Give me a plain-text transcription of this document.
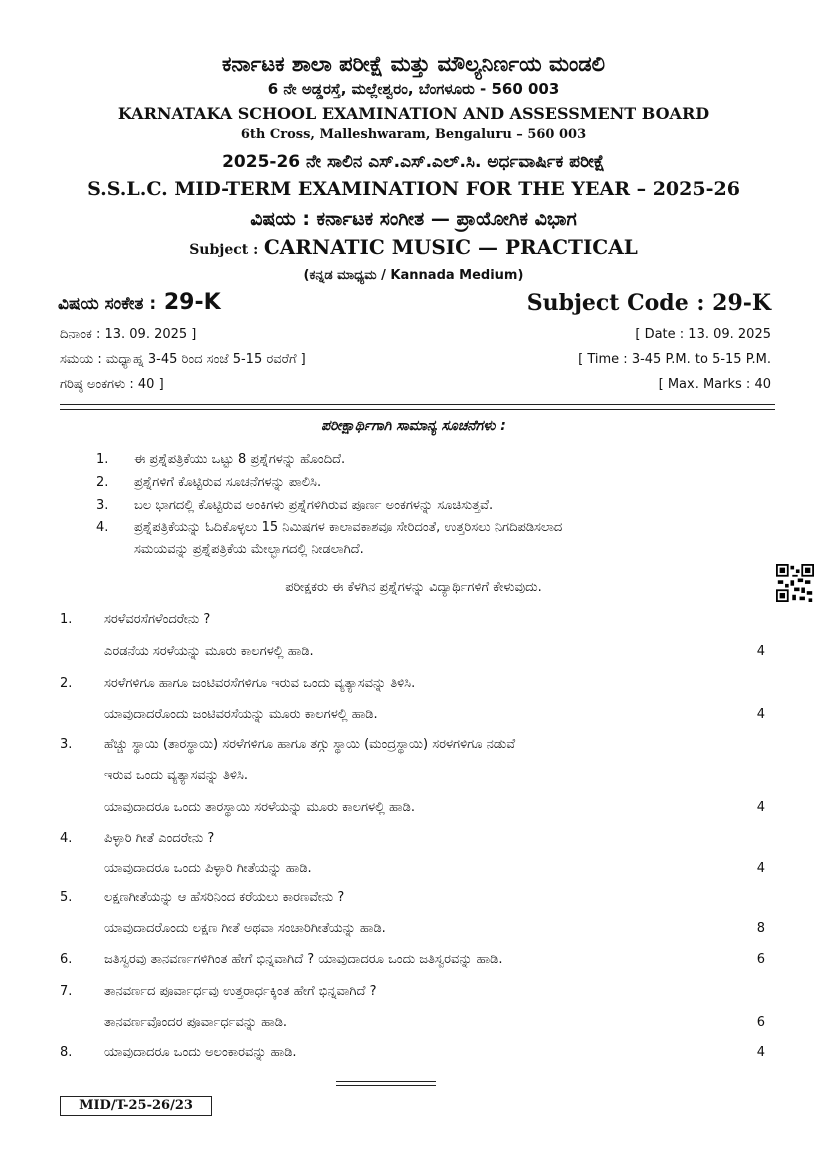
ಕರ್ನಾಟಕ ಶಾಲಾ ಪರೀಕ್ಷೆ ಮತ್ತು ಮೌಲ್ಯನಿರ್ಣಯ ಮಂಡಲಿ
6 ನೇ ಅಡ್ಡರಸ್ತೆ, ಮಲ್ಲೇಶ್ವರಂ, ಬೆಂಗಳೂರು - 560 003
KARNATAKA SCHOOL EXAMINATION AND ASSESSMENT BOARD
6th Cross, Malleshwaram, Bengaluru – 560 003
2025-26 ನೇ ಸಾಲಿನ ಎಸ್.ಎಸ್.ಎಲ್.ಸಿ. ಅರ್ಧವಾರ್ಷಿಕ ಪರೀಕ್ಷೆ
S.S.L.C. MID-TERM EXAMINATION FOR THE YEAR – 2025-26
ವಿಷಯ : ಕರ್ನಾಟಕ ಸಂಗೀತ — ಪ್ರಾಯೋಗಿಕ ವಿಭಾಗ
Subject : CARNATIC MUSIC — PRACTICAL
(ಕನ್ನಡ ಮಾಧ್ಯಮ / Kannada Medium)
ವಿಷಯ ಸಂಕೇತ : 29-K	Subject Code : 29-K
ದಿನಾಂಕ : 13. 09. 2025 ]	[ Date : 13. 09. 2025
ಸಮಯ : ಮಧ್ಯಾಹ್ನ 3-45 ರಿಂದ ಸಂಜೆ 5-15 ರವರೆಗೆ ]	[ Time : 3-45 P.M. to 5-15 P.M.
ಗರಿಷ್ಠ ಅಂಕಗಳು : 40 ]	[ Max. Marks : 40
ಪರೀಕ್ಷಾರ್ಥಿಗಾಗಿ ಸಾಮಾನ್ಯ ಸೂಚನೆಗಳು :
1. ಈ ಪ್ರಶ್ನೆಪತ್ರಿಕೆಯು ಒಟ್ಟು 8 ಪ್ರಶ್ನೆಗಳನ್ನು ಹೊಂದಿದೆ.
2. ಪ್ರಶ್ನೆಗಳಿಗೆ ಕೊಟ್ಟಿರುವ ಸೂಚನೆಗಳನ್ನು ಪಾಲಿಸಿ.
3. ಬಲ ಭಾಗದಲ್ಲಿ ಕೊಟ್ಟಿರುವ ಅಂಕಿಗಳು ಪ್ರಶ್ನೆಗಳಿಗಿರುವ ಪೂರ್ಣ ಅಂಕಗಳನ್ನು ಸೂಚಿಸುತ್ತವೆ.
4. ಪ್ರಶ್ನೆಪತ್ರಿಕೆಯನ್ನು ಓದಿಕೊಳ್ಳಲು 15 ನಿಮಿಷಗಳ ಕಾಲಾವಕಾಶವೂ ಸೇರಿದಂತೆ, ಉತ್ತರಿಸಲು ನಿಗದಿಪಡಿಸಲಾದ
ಸಮಯವನ್ನು ಪ್ರಶ್ನೆಪತ್ರಿಕೆಯ ಮೇಲ್ಭಾಗದಲ್ಲಿ ನೀಡಲಾಗಿದೆ.
ಪರೀಕ್ಷಕರು ಈ ಕೆಳಗಿನ ಪ್ರಶ್ನೆಗಳನ್ನು ವಿದ್ಯಾರ್ಥಿಗಳಿಗೆ ಕೇಳುವುದು.
1. ಸರಳೆವರಸೆಗಳೆಂದರೇನು ?
ಎರಡನೆಯ ಸರಳೆಯನ್ನು ಮೂರು ಕಾಲಗಳಲ್ಲಿ ಹಾಡಿ.	4
2. ಸರಳೆಗಳಿಗೂ ಹಾಗೂ ಜಂಟಿವರಸೆಗಳಿಗೂ ಇರುವ ಒಂದು ವ್ಯತ್ಯಾಸವನ್ನು ತಿಳಿಸಿ.
ಯಾವುದಾದರೊಂದು ಜಂಟಿವರಸೆಯನ್ನು ಮೂರು ಕಾಲಗಳಲ್ಲಿ ಹಾಡಿ.	4
3. ಹೆಚ್ಚು ಸ್ಥಾಯಿ (ತಾರಸ್ಥಾಯಿ) ಸರಳೆಗಳಿಗೂ ಹಾಗೂ ತಗ್ಗು ಸ್ಥಾಯಿ (ಮಂದ್ರಸ್ಥಾಯಿ) ಸರಳಗಳಿಗೂ ನಡುವೆ
ಇರುವ ಒಂದು ವ್ಯತ್ಯಾಸವನ್ನು ತಿಳಿಸಿ.
ಯಾವುದಾದರೂ ಒಂದು ತಾರಸ್ಥಾಯಿ ಸರಳೆಯನ್ನು ಮೂರು ಕಾಲಗಳಲ್ಲಿ ಹಾಡಿ.	4
4. ಪಿಳ್ಳಾರಿ ಗೀತೆ ಎಂದರೇನು ?
ಯಾವುದಾದರೂ ಒಂದು ಪಿಳ್ಳಾರಿ ಗೀತೆಯನ್ನು ಹಾಡಿ.	4
5. ಲಕ್ಷಣಗೀತೆಯನ್ನು ಆ ಹೆಸರಿನಿಂದ ಕರೆಯಲು ಕಾರಣವೇನು ?
ಯಾವುದಾದರೊಂದು ಲಕ್ಷಣ ಗೀತೆ ಅಥವಾ ಸಂಚಾರಿಗೀತೆಯನ್ನು ಹಾಡಿ.	8
6. ಜತಿಸ್ವರವು ತಾನವರ್ಣಗಳಿಗಿಂತ ಹೇಗೆ ಭಿನ್ನವಾಗಿದೆ ? ಯಾವುದಾದರೂ ಒಂದು ಜತಿಸ್ವರವನ್ನು ಹಾಡಿ.	6
7. ತಾನವರ್ಣದ ಪೂರ್ವಾರ್ಧವು ಉತ್ತರಾರ್ಧಕ್ಕಿಂತ ಹೇಗೆ ಭಿನ್ನವಾಗಿದೆ ?
ತಾನವರ್ಣವೊಂದರ ಪೂರ್ವಾರ್ಧವನ್ನು ಹಾಡಿ.	6
8. ಯಾವುದಾದರೂ ಒಂದು ಅಲಂಕಾರವನ್ನು ಹಾಡಿ.	4
MID/T-25-26/23
